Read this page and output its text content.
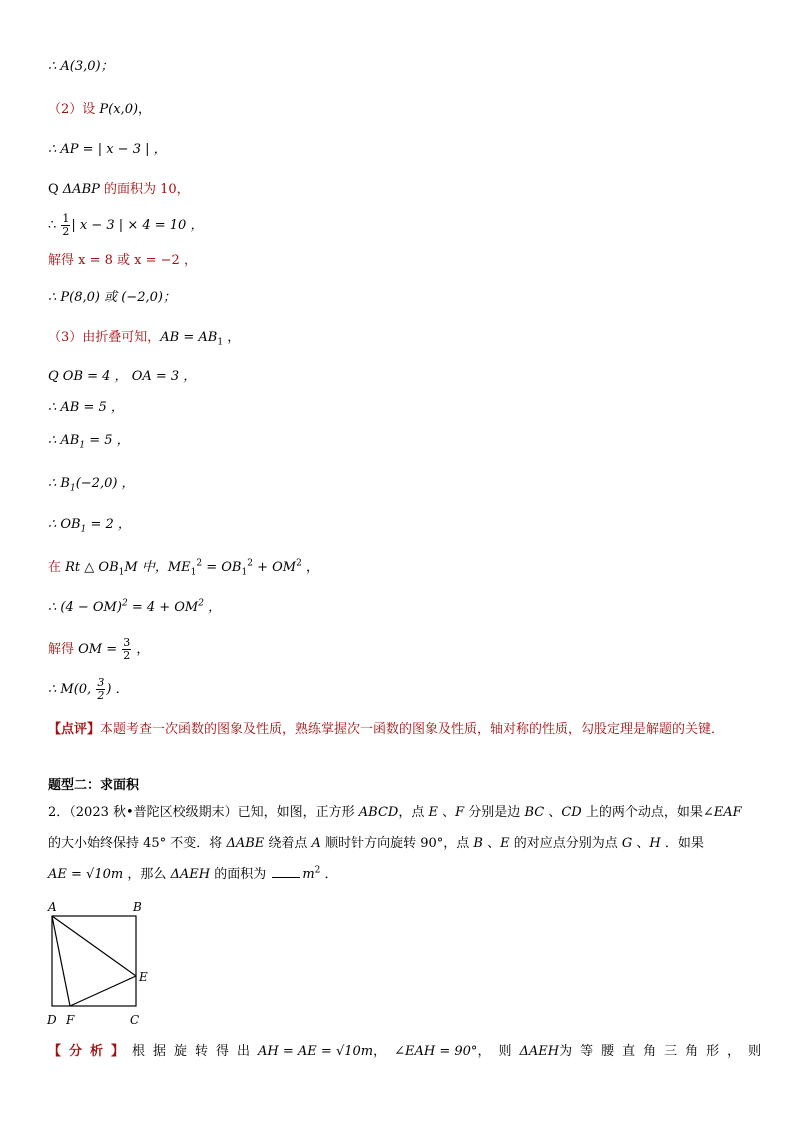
∴ A(3,0)；
（2）设 P(x,0)，
∴ AP = | x − 3 | ，
Q ΔABP 的面积为 10，
∴ $\frac{1}{2}$ | x − 3 | × 4 = 10 ，
解得 x = 8 或 x = −2 ，
∴ P(8,0) 或 (−2,0)；
（3）由折叠可知，AB = $AB_1$ ，
Q OB = 4 ， OA = 3 ，
∴ AB = 5 ，
∴ $AB_1 = 5$ ，
∴ $B_1(-2,0)$ ，
∴ $OB_1 = 2$ ，
在 Rt △ $OB_1M$ 中，$ME_1^2 = OB_1^2 + OM^2$ ，
∴ $(4 - OM)^2 = 4 + OM^2$ ，
解得 OM = $\frac{3}{2}$ ，
∴ M(0, $\frac{3}{2}$ ) ．
【点评】本题考查一次函数的图象及性质，熟练掌握次一函数的图象及性质，轴对称的性质，勾股定理是解题的关键．
题型二：求面积
2．（2023 秋•普陀区校级期末）已知，如图，正方形 ABCD，点 E 、F 分别是边 BC 、CD 上的两个动点，如果∠EAF的大小始终保持 45° 不变．将 ΔABE 绕着点 A 顺时针方向旋转 90°，点 B 、E 的对应点分别为点 G 、H ．如果
AE = √10m ，那么 ΔAEH 的面积为 $m^2$ ．
A	B
E
D F	C
【分析】根据旋转得出AH = AE = √10m，∠EAH = 90°，则ΔAEH为等腰直角三角形，则
